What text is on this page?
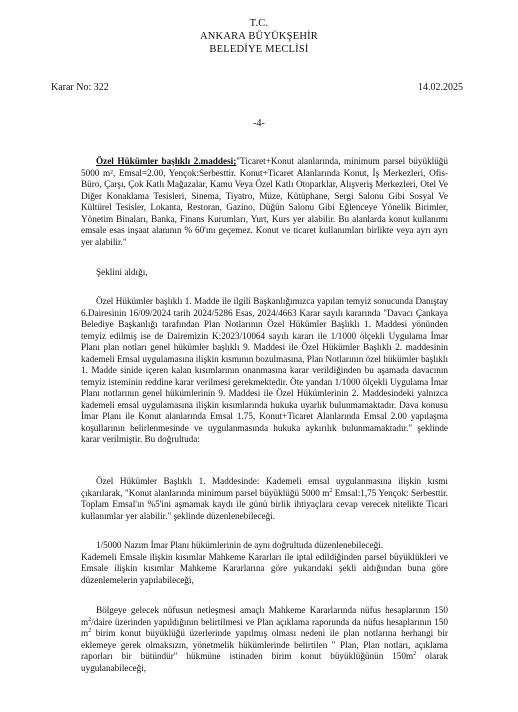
T.C.
ANKARA BÜYÜKŞEHİR
BELEDİYE MECLİSİ
Karar No: 322	14.02.2025
-4-

Özel Hükümler başlıklı 2.maddesi;"Ticaret+Konut alanlarında, minimum parsel büyüklüğü 5000 m², Emsal=2.00, Yençok:Serbesttir. Konut+Ticaret Alanlarında Konut, İş Merkezleri, Ofis-Büro, Çarşı, Çok Katlı Mağazalar, Kamu Veya Özel Katlı Otoparklar, Alışveriş Merkezleri, Otel Ve Diğer Konaklama Tesisleri, Sinema, Tiyatro, Müze, Kütüphane, Sergi Salonu Gibi Sosyal Ve Kültürel Tesisler, Lokanta, Restoran, Gazino, Düğün Salonu Gibi Eğlenceye Yönelik Birimler, Yönetim Binaları, Banka, Finans Kurumları, Yurt, Kurs yer alabilir. Bu alanlarda konut kullanımı emsale esas inşaat alanının % 60'ını geçemez. Konut ve ticaret kullanımları birlikte veya ayrı ayrı yer alabilir."

Şeklini aldığı,

Özel Hükümler başlıklı 1. Madde ile ilgili Başkanlığımızca yapılan temyiz sonucunda Danıştay 6.Dairesinin 16/09/2024 tarih 2024/5286 Esas, 2024/4663 Karar sayılı kararında "Davacı Çankaya Belediye Başkanlığı tarafından Plan Notlarının Özel Hükümler Başlıklı 1. Maddesi yönünden temyiz edilmiş ise de Dairemizin K:2023/10064 sayılı kararı ile 1/1000 ölçekli Uygulama İmar Planı plan notları genel hükümler başlıklı 9. Maddesi ile Özel Hükümler Başlıklı 2. maddesinin kademeli Emsal uygulamasına ilişkin kısmının bozulmasına, Plan Notlarının özel hükümler başlıklı 1. Madde sinide içeren kalan kısımlarının onanmasına karar verildiğinden bu aşamada davacının temyiz isteminin reddine karar verilmesi gerekmektedir. Öte yandan 1/1000 ölçekli Uygulama İmar Planı notlarının genel hükümlerinin 9. Maddesi ile Özel Hükümlerinin 2. Maddesindeki yalnızca kademeli emsal uygulamasına ilişkin kısımlarında hukuka uyarlık bulunmamaktadır. Dava konusu İmar Planı ile Konut alanlarında Emsal 1.75, Konut+Ticaret Alanlarında Emsal 2.00 yapılaşma koşullarının belirlenmesinde ve uygulanmasında hukuka aykırılık bulunmamaktadır." şeklinde karar verilmiştir. Bu doğrultuda:

Özel Hükümler Başlıklı 1. Maddesinde: Kademeli emsal uygulanmasına ilişkin kısmı çıkarılarak, "Konut alanlarında minimum parsel büyüklüğü 5000 $m^2$ Emsal:1,75 Yençok: Serbesttir. Toplam Emsal'ın %5'ini aşmamak kaydı ile günü birlik ihtiyaçlara cevap verecek nitelikte Ticari kullanımlar yer alabilir." şeklinde düzenlenebileceği.

1/5000 Nazım İmar Planı hükümlerinin de aynı doğrultuda düzenlenebileceği.
Kademeli Emsale ilişkin kısımlar Mahkeme Kararları ile iptal edildiğinden parsel büyüklükleri ve Emsale ilişkin kısımlar Mahkeme Kararlarına göre yukarıdaki şekli aldığından buna göre düzenlemelerin yapılabileceği,

Bölgeye gelecek nüfusun netleşmesi amaçlı Mahkeme Kararlarında nüfus hesaplarının 150 $m^2$/daire üzerinden yapıldığının belirtilmesi ve Plan açıklama raporunda da nüfus hesaplarının 150 $m^2$ birim konut büyüklüğü üzerlerinde yapılmış olması nedeni ile plan notlarına herhangi bir eklemeye gerek olmaksızın, yönetmelik hükümlerinde belirtilen " Plan, Plan notları, açıklama raporları bir bütündür" hükmüne istinaden birim konut büyüklüğünün $150m^2$ olarak uygulanabileceği,
